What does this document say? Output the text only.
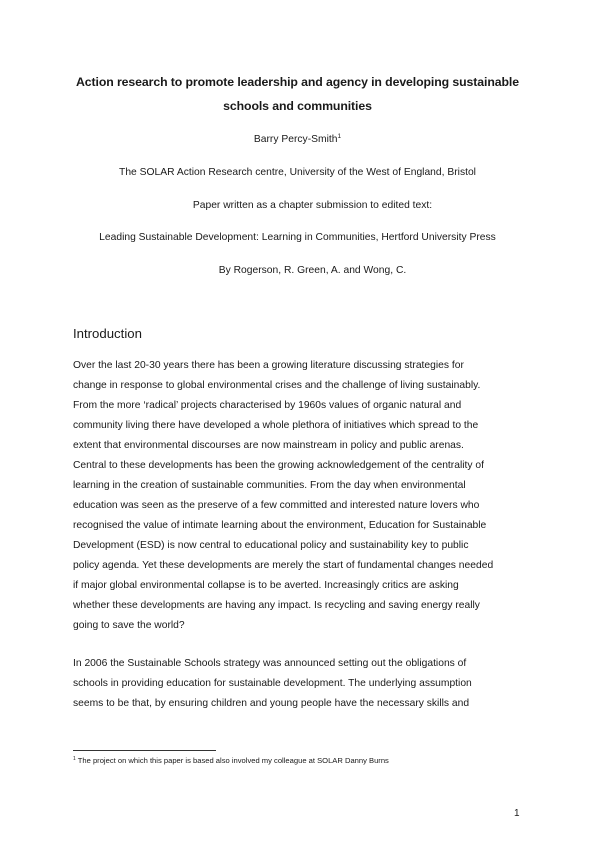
Action research to promote leadership and agency in developing sustainable
schools and communities
Barry Percy-Smith$^1$
The SOLAR Action Research centre, University of the West of England, Bristol
Paper written as a chapter submission to edited text:
Leading Sustainable Development: Learning in Communities, Hertford University Press
By Rogerson, R. Green, A. and Wong, C.
Introduction
Over the last 20-30 years there has been a growing literature discussing strategies for
change in response to global environmental crises and the challenge of living sustainably.
From the more ‘radical’ projects characterised by 1960s values of organic natural and
community living there have developed a whole plethora of initiatives which spread to the
extent that environmental discourses are now mainstream in policy and public arenas.
Central to these developments has been the growing acknowledgement of the centrality of
learning in the creation of sustainable communities. From the day when environmental
education was seen as the preserve of a few committed and interested nature lovers who
recognised the value of intimate learning about the environment, Education for Sustainable
Development (ESD) is now central to educational policy and sustainability key to public
policy agenda. Yet these developments are merely the start of fundamental changes needed
if major global environmental collapse is to be averted. Increasingly critics are asking
whether these developments are having any impact. Is recycling and saving energy really
going to save the world?
In 2006 the Sustainable Schools strategy was announced setting out the obligations of
schools in providing education for sustainable development. The underlying assumption
seems to be that, by ensuring children and young people have the necessary skills and
$^1$ The project on which this paper is based also involved my colleague at SOLAR Danny Burns
1
